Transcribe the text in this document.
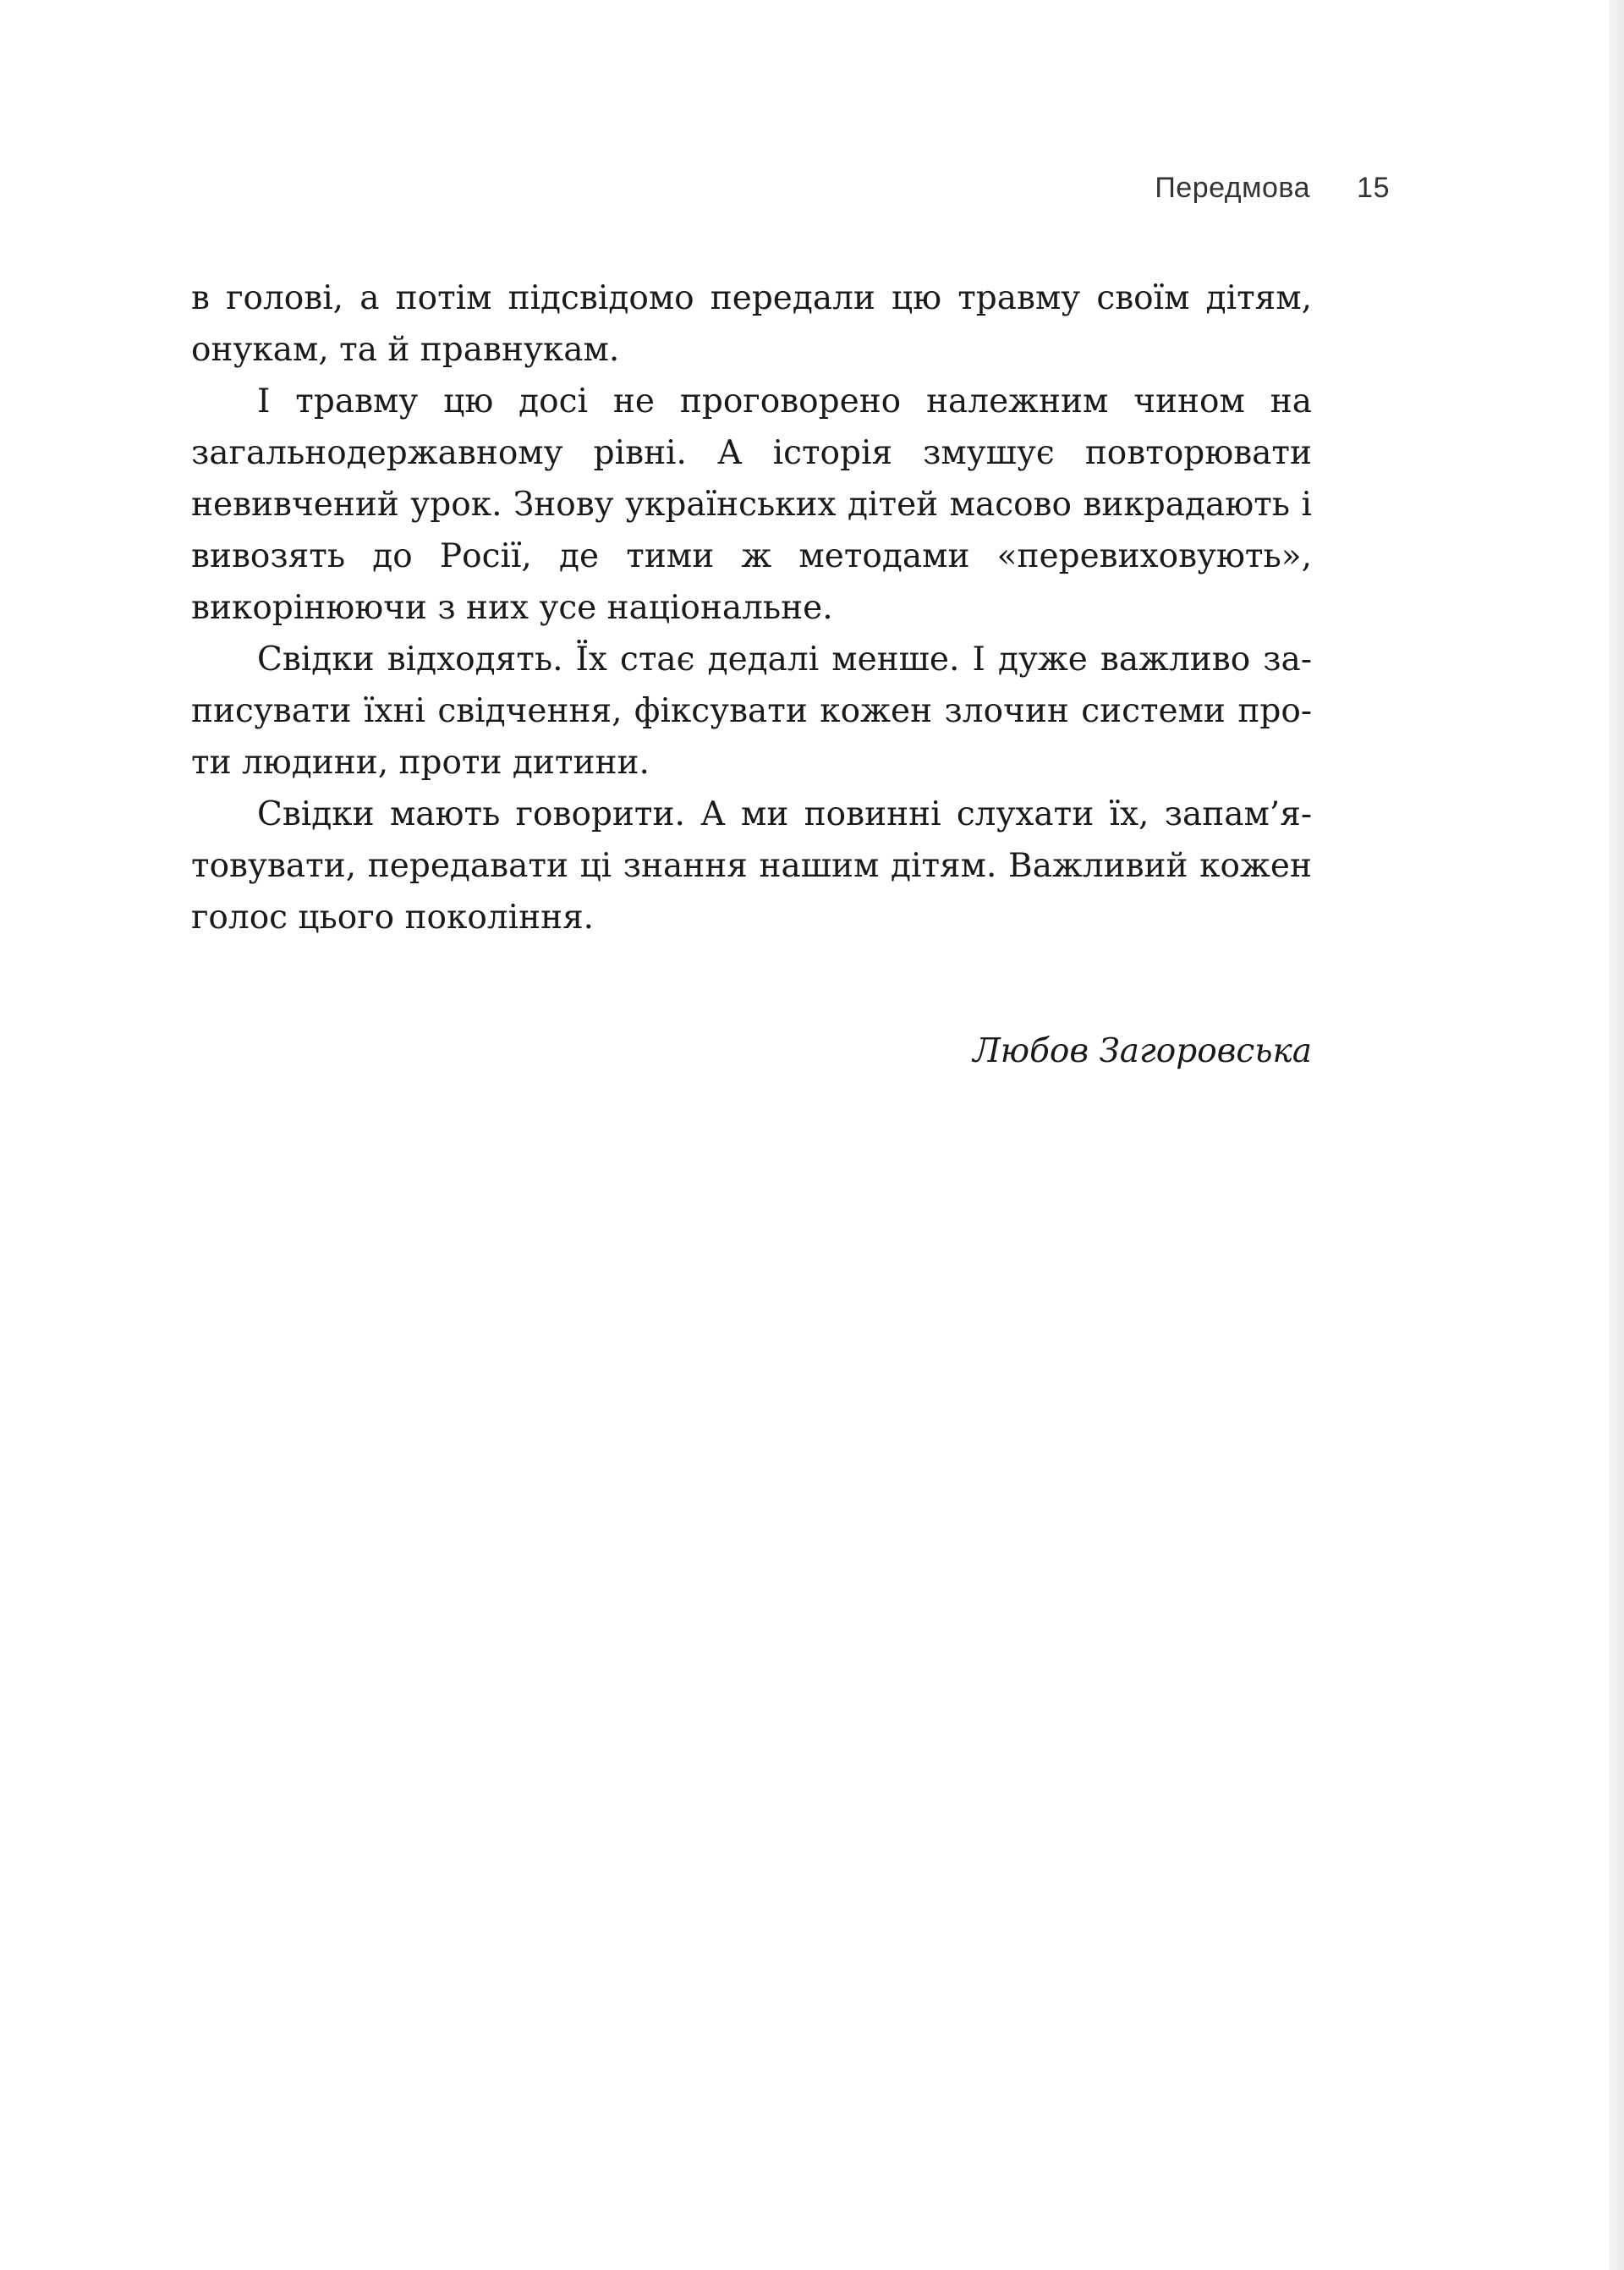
Передмова 15

в голові, а потім підсвідомо передали цю травму своїм дітям, онукам, та й правнукам.

І травму цю досі не проговорено належним чином на загальнодержавному рівні. А історія змушує повторювати невивчений урок. Знову українських дітей масово викрадають і вивозять до Росії, де тими ж методами «перевиховують», викорінюючи з них усе національне.

Свідки відходять. Їх стає дедалі менше. І дуже важливо записувати їхні свідчення, фіксувати кожен злочин системи проти людини, проти дитини.

Свідки мають говорити. А ми повинні слухати їх, запам’ятовувати, передавати ці знання нашим дітям. Важливий кожен голос цього покоління.

Любов Загоровська
